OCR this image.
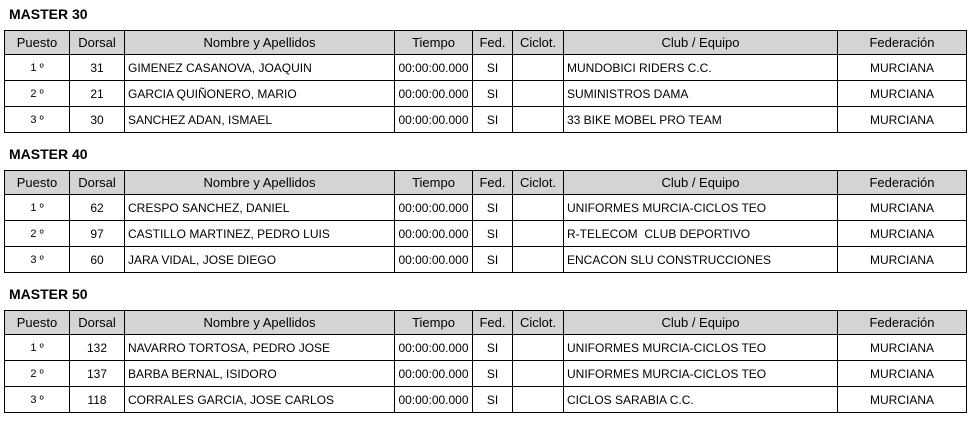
MASTER 30
Puesto	Dorsal	Nombre y Apellidos	Tiempo	Fed.	Ciclot.	Club / Equipo	Federación
1 º	31	GIMENEZ CASANOVA, JOAQUIN	00:00:00.000	SI		MUNDOBICI RIDERS C.C.	MURCIANA
2 º	21	GARCIA QUIÑONERO, MARIO	00:00:00.000	SI		SUMINISTROS DAMA	MURCIANA
3 º	30	SANCHEZ ADAN, ISMAEL	00:00:00.000	SI		33 BIKE MOBEL PRO TEAM	MURCIANA
MASTER 40
Puesto	Dorsal	Nombre y Apellidos	Tiempo	Fed.	Ciclot.	Club / Equipo	Federación
1 º	62	CRESPO SANCHEZ, DANIEL	00:00:00.000	SI		UNIFORMES MURCIA-CICLOS TEO	MURCIANA
2 º	97	CASTILLO MARTINEZ, PEDRO LUIS	00:00:00.000	SI		R-TELECOM  CLUB DEPORTIVO	MURCIANA
3 º	60	JARA VIDAL, JOSE DIEGO	00:00:00.000	SI		ENCACON SLU CONSTRUCCIONES	MURCIANA
MASTER 50
Puesto	Dorsal	Nombre y Apellidos	Tiempo	Fed.	Ciclot.	Club / Equipo	Federación
1 º	132	NAVARRO TORTOSA, PEDRO JOSE	00:00:00.000	SI		UNIFORMES MURCIA-CICLOS TEO	MURCIANA
2 º	137	BARBA BERNAL, ISIDORO	00:00:00.000	SI		UNIFORMES MURCIA-CICLOS TEO	MURCIANA
3 º	118	CORRALES GARCIA, JOSE CARLOS	00:00:00.000	SI		CICLOS SARABIA C.C.	MURCIANA
